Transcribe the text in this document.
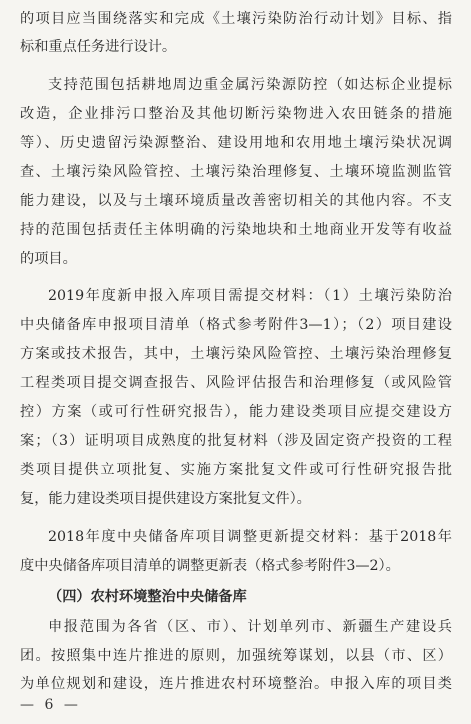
的项目应当围绕落实和完成《土壤污染防治行动计划》目标、指
标和重点任务进行设计。
支持范围包括耕地周边重金属污染源防控（如达标企业提标
改造，企业排污口整治及其他切断污染物进入农田链条的措施
等）、历史遗留污染源整治、建设用地和农用地土壤污染状况调
查、土壤污染风险管控、土壤污染治理修复、土壤环境监测监管
能力建设，以及与土壤环境质量改善密切相关的其他内容。不支
持的范围包括责任主体明确的污染地块和土地商业开发等有收益
的项目。
2019年度新申报入库项目需提交材料：（1）土壤污染防治
中央储备库申报项目清单（格式参考附件3—1）；（2）项目建设
方案或技术报告，其中，土壤污染风险管控、土壤污染治理修复
工程类项目提交调查报告、风险评估报告和治理修复（或风险管
控）方案（或可行性研究报告），能力建设类项目应提交建设方
案；（3）证明项目成熟度的批复材料（涉及固定资产投资的工程
类项目提供立项批复、实施方案批复文件或可行性研究报告批
复，能力建设类项目提供建设方案批复文件）。
2018年度中央储备库项目调整更新提交材料：基于2018年
度中央储备库项目清单的调整更新表（格式参考附件3—2）。
（四）农村环境整治中央储备库
申报范围为各省（区、市）、计划单列市、新疆生产建设兵
团。按照集中连片推进的原则，加强统筹谋划，以县（市、区）
为单位规划和建设，连片推进农村环境整治。申报入库的项目类
— 6 —
